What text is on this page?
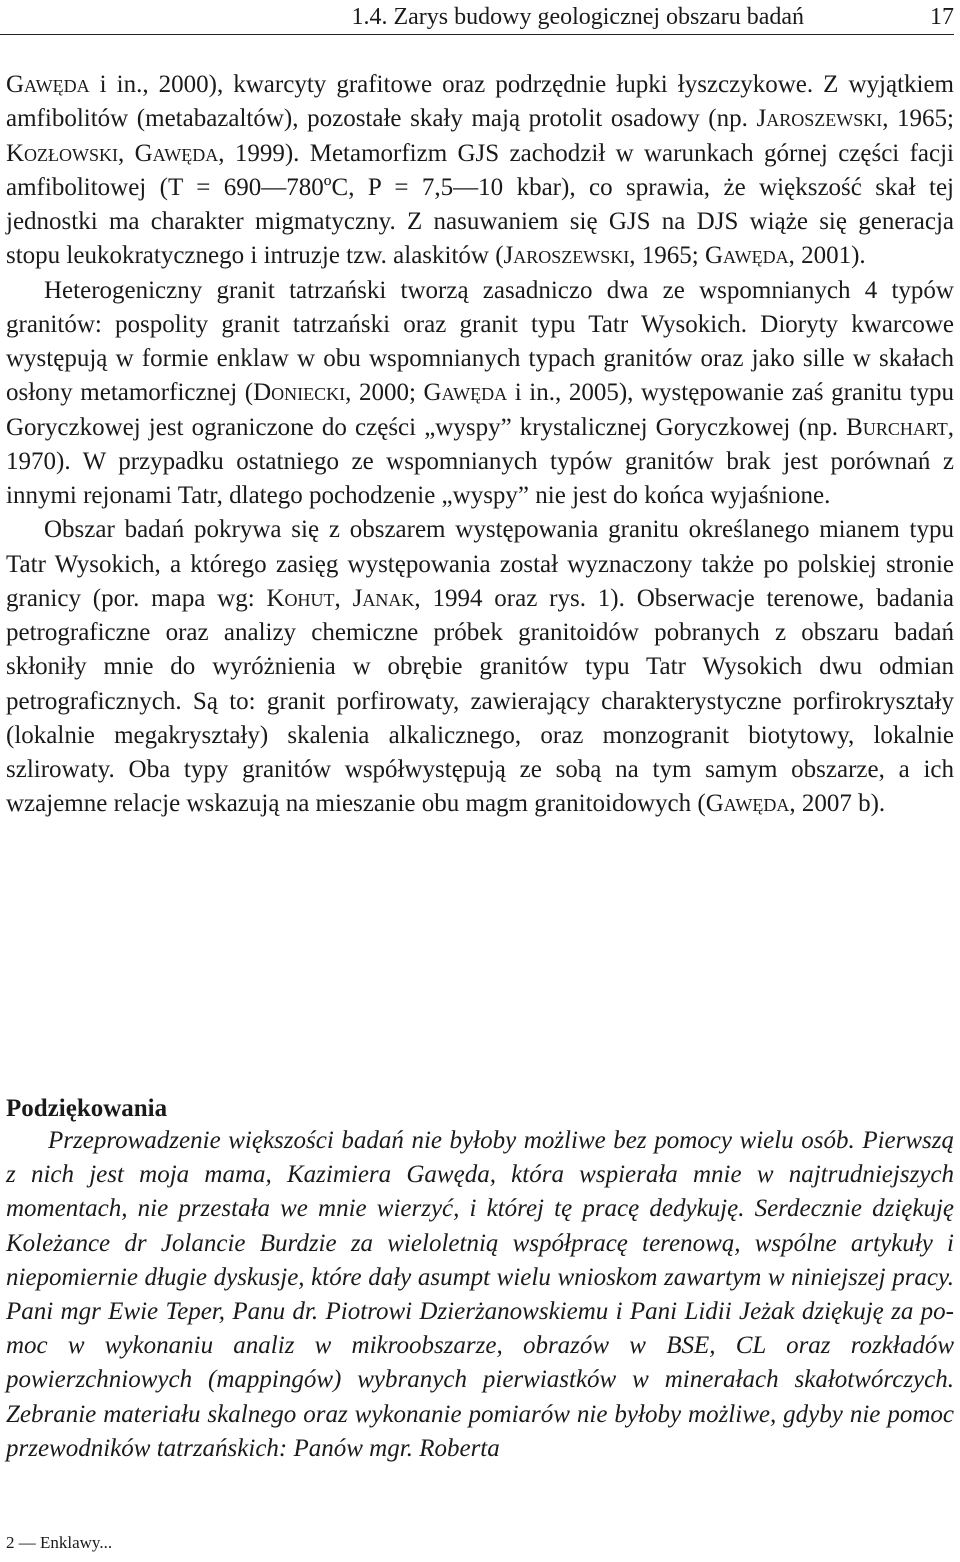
1.4. Zarys budowy geologicznej obszaru badań	17

Gawęda i in., 2000), kwarcyty grafitowe oraz podrzędnie łupki łyszczykowe. Z wyjątkiem amfibolitów (metabazaltów), pozostałe skały mają protolit osadowy (np. Jaroszewski, 1965; Kozłowski, Gawęda, 1999). Metamorfizm GJS zachodził w warunkach górnej części facji amfibolitowej (T = 690—780ºC, P = 7,5—10 kbar), co sprawia, że większość skał tej jednostki ma charakter migmatyczny. Z nasuwaniem się GJS na DJS wiąże się generacja stopu leukokratycznego i intruzje tzw. alaskitów (Jaroszewski, 1965; Gawęda, 2001).

Heterogeniczny granit tatrzański tworzą zasadniczo dwa ze wspomnianych 4 typów granitów: pospolity granit tatrzański oraz granit typu Tatr Wysokich. Dioryty kwarcowe występują w formie enklaw w obu wspomnianych typach granitów oraz jako sille w skałach osłony metamorficznej (Doniecki, 2000; Gawęda i in., 2005), występowanie zaś granitu typu Goryczkowej jest ograniczone do części „wyspy” krystalicznej Goryczkowej (np. Burchart, 1970). W przypadku ostatniego ze wspomnianych typów granitów brak jest porównań z innymi rejonami Tatr, dlatego pochodzenie „wyspy” nie jest do końca wyjaśnione.

Obszar badań pokrywa się z obszarem występowania granitu określanego mianem typu Tatr Wysokich, a którego zasięg występowania został wyznaczony także po polskiej stronie granicy (por. mapa wg: Kohut, Janak, 1994 oraz rys. 1). Obserwacje terenowe, badania petrograficzne oraz analizy chemiczne próbek granitoidów pobranych z obszaru badań skłoniły mnie do wyróżnienia w obrębie granitów typu Tatr Wysokich dwu odmian petrograficznych. Są to: granit porfirowaty, zawierający charakterystyczne porfirokryształy (lokalnie megakryształy) skalenia alkalicznego, oraz monzogranit biotytowy, lokalnie szlirowaty. Oba typy granitów współwystępują ze sobą na tym samym obszarze, a ich wzajemne relacje wskazują na mieszanie obu magm granitoidowych (Gawęda, 2007 b).

Podziękowania

Przeprowadzenie większości badań nie byłoby możliwe bez pomocy wielu osób. Pierwszą z nich jest moja mama, Kazimiera Gawęda, która wspierała mnie w najtrudniejszych momentach, nie przestała we mnie wierzyć, i której tę pracę dedykuję. Serdecznie dziękuję Koleżance dr Jolancie Burdzie za wieloletnią współpracę terenową, wspólne artykuły i niepomiernie długie dyskusje, które dały asumpt wielu wnioskom zawartym w niniejszej pracy. Pani mgr Ewie Teper, Panu dr. Piotrowi Dzierżanowskiemu i Pani Lidii Jeżak dziękuję za pomoc w wykonaniu analiz w mikroobszarze, obrazów w BSE, CL oraz rozkładów powierzchniowych (mappingów) wybranych pierwiastków w minerałach skałotwórczych. Zebranie materiału skalnego oraz wykonanie pomiarów nie byłoby możliwe, gdyby nie pomoc przewodników tatrzańskich: Panów mgr. Roberta

2 — Enklawy...
